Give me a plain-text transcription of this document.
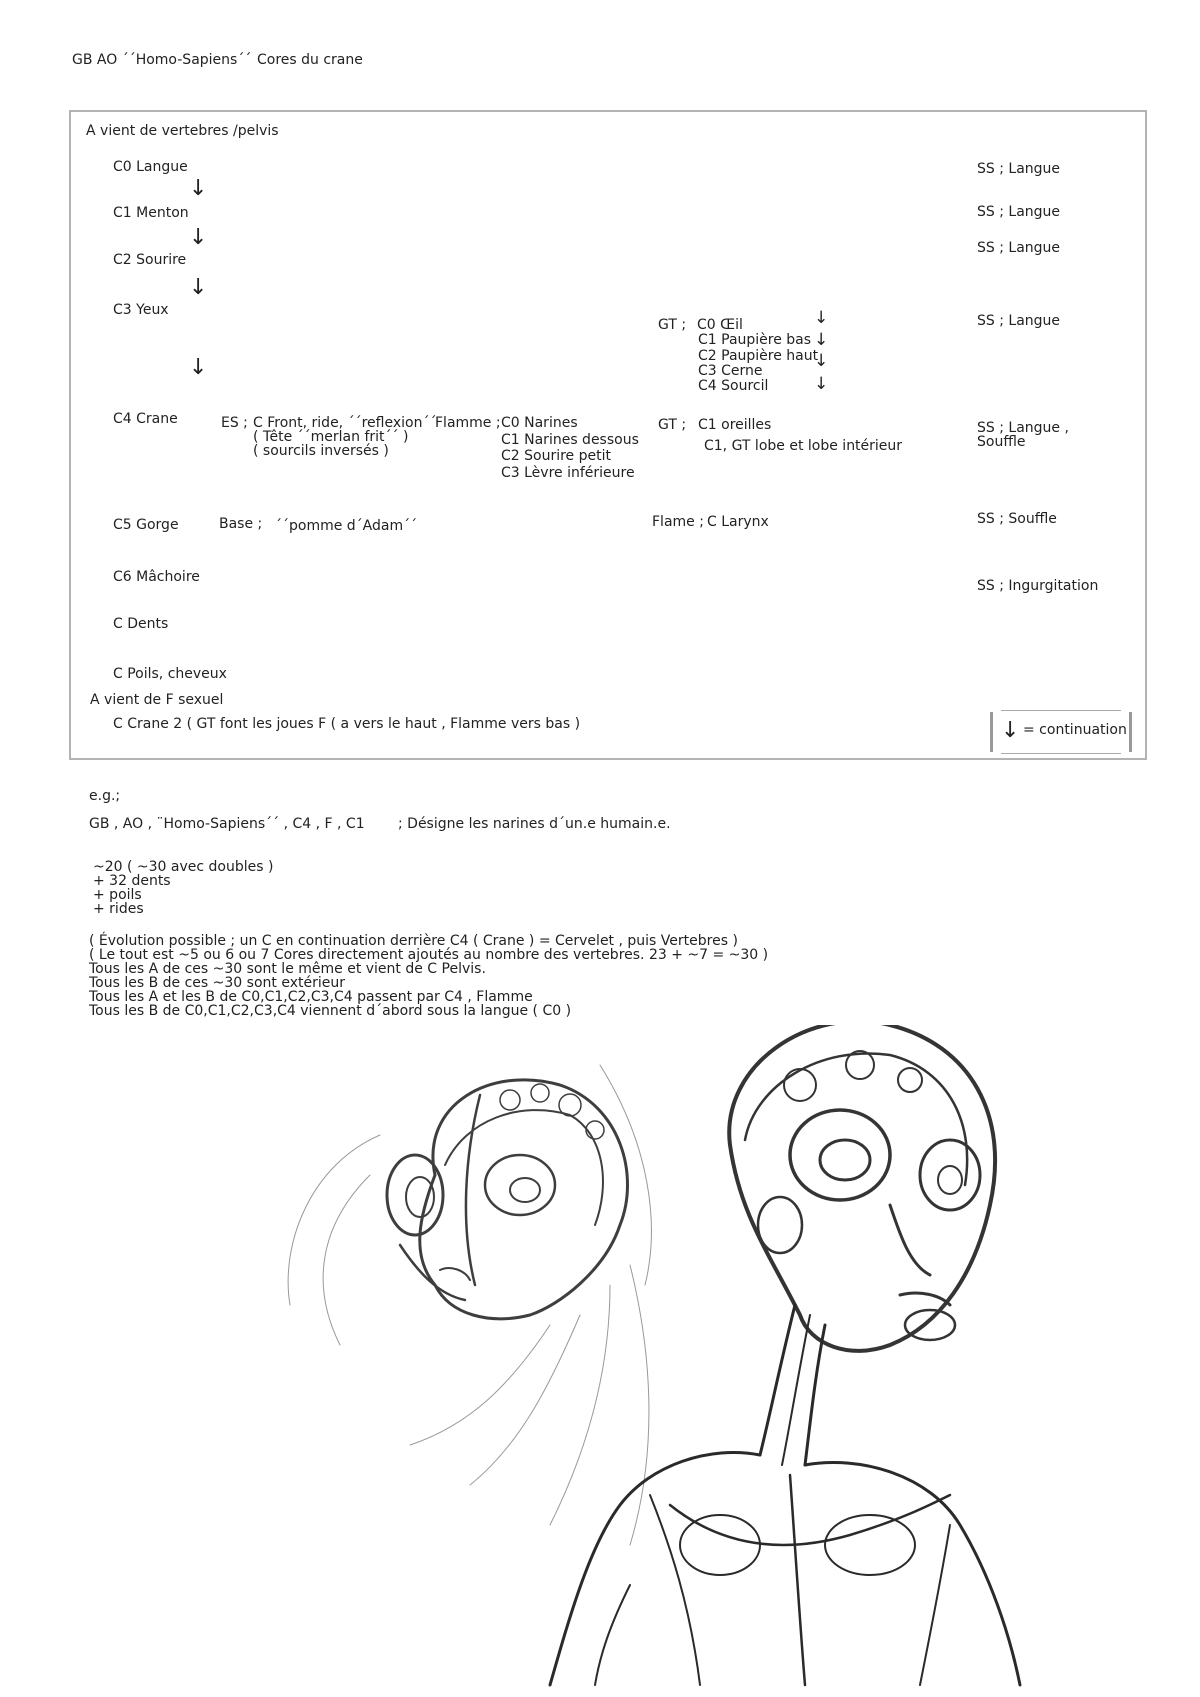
GB AO ´´Homo-Sapiens´´ Cores du crane
A vient de vertebres /pelvis
C0 Langue
↓
C1 Menton
↓
C2 Sourire
↓
C3 Yeux
↓
C4 Crane
C5 Gorge
C6 Mâchoire
C Dents
C Poils, cheveux
ES ; C Front, ride, ´´reflexion´´
( Tête ´´merlan frit´´ )
( sourcils inversés )
Flamme ; C0 Narines
C1 Narines dessous
C2 Sourire petit
C3 Lèvre inférieure
GT ; C0 Œil
C1 Paupière bas
C2 Paupière haut
C3 Cerne
C4 Sourcil
↓
↓
↓
↓
GT ; C1 oreilles
C1, GT lobe et lobe intérieur
Base ; ´´pomme d´Adam´´	Flame ; C Larynx
SS ; Langue
SS ; Langue
SS ; Langue
SS ; Langue
SS ; Langue ,
Souffle
SS ; Souffle
SS ; Ingurgitation
A vient de F sexuel
C Crane 2 ( GT font les joues F ( a vers le haut , Flamme vers bas )	↓ = continuation
e.g.;
GB , AO , ¨Homo-Sapiens´´ , C4 , F , C1 ; Désigne les narines d´un.e humain.e.
~20 ( ~30 avec doubles )
+ 32 dents
+ poils
+ rides
( Évolution possible ; un C en continuation derrière C4 ( Crane ) = Cervelet , puis Vertebres )
( Le tout est ~5 ou 6 ou 7 Cores directement ajoutés au nombre des vertebres. 23 + ~7 = ~30 )
Tous les A de ces ~30 sont le même et vient de C Pelvis.
Tous les B de ces ~30 sont extérieur
Tous les A et les B de C0,C1,C2,C3,C4 passent par C4 , Flamme
Tous les B de C0,C1,C2,C3,C4 viennent d´abord sous la langue ( C0 )
